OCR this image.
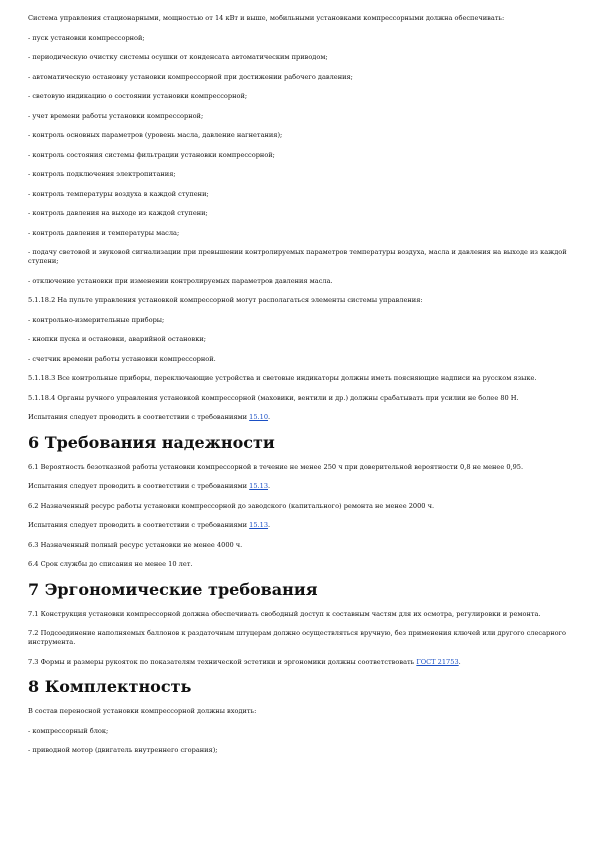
Система управления стационарными, мощностью от 14 кВт и выше, мобильными установками компрессорными должна обеспечивать:

- пуск установки компрессорной;

- периодическую очистку системы осушки от конденсата автоматическим приводом;

- автоматическую остановку установки компрессорной при достижении рабочего давления;

- световую индикацию о состоянии установки компрессорной;

- учет времени работы установки компрессорной;

- контроль основных параметров (уровень масла, давление нагнетания);

- контроль состояния системы фильтрации установки компрессорной;

- контроль подключения электропитания;

- контроль температуры воздуха в каждой ступени;

- контроль давления на выходе из каждой ступени;

- контроль давления и температуры масла;

- подачу световой и звуковой сигнализации при превышении контролируемых параметров температуры воздуха, масла и давления на выходе из каждой ступени;

- отключение установки при изменении контролируемых параметров давления масла.

5.1.18.2 На пульте управления установкой компрессорной могут располагаться элементы системы управления:

- контрольно-измерительные приборы;

- кнопки пуска и остановки, аварийной остановки;

- счетчик времени работы установки компрессорной.

5.1.18.3 Все контрольные приборы, переключающие устройства и световые индикаторы должны иметь поясняющие надписи на русском языке.

5.1.18.4 Органы ручного управления установкой компрессорной (маховики, вентили и др.) должны срабатывать при усилии не более 80 Н.

Испытания следует проводить в соответствии с требованиями 15.10.

6 Требования надежности

6.1 Вероятность безотказной работы установки компрессорной в течение не менее 250 ч при доверительной вероятности 0,8 не менее 0,95.

Испытания следует проводить в соответствии с требованиями 15.13.

6.2 Назначенный ресурс работы установки компрессорной до заводского (капитального) ремонта не менее 2000 ч.

Испытания следует проводить в соответствии с требованиями 15.13.

6.3 Назначенный полный ресурс установки не менее 4000 ч.

6.4 Срок службы до списания не менее 10 лет.

7 Эргономические требования

7.1 Конструкция установки компрессорной должна обеспечивать свободный доступ к составным частям для их осмотра, регулировки и ремонта.

7.2 Подсоединение наполняемых баллонов к раздаточным штуцерам должно осуществляться вручную, без применения ключей или другого слесарного инструмента.

7.3 Формы и размеры рукояток по показателям технической эстетики и эргономики должны соответствовать ГОСТ 21753.

8 Комплектность

В состав переносной установки компрессорной должны входить:

- компрессорный блок;

- приводной мотор (двигатель внутреннего сгорания);
